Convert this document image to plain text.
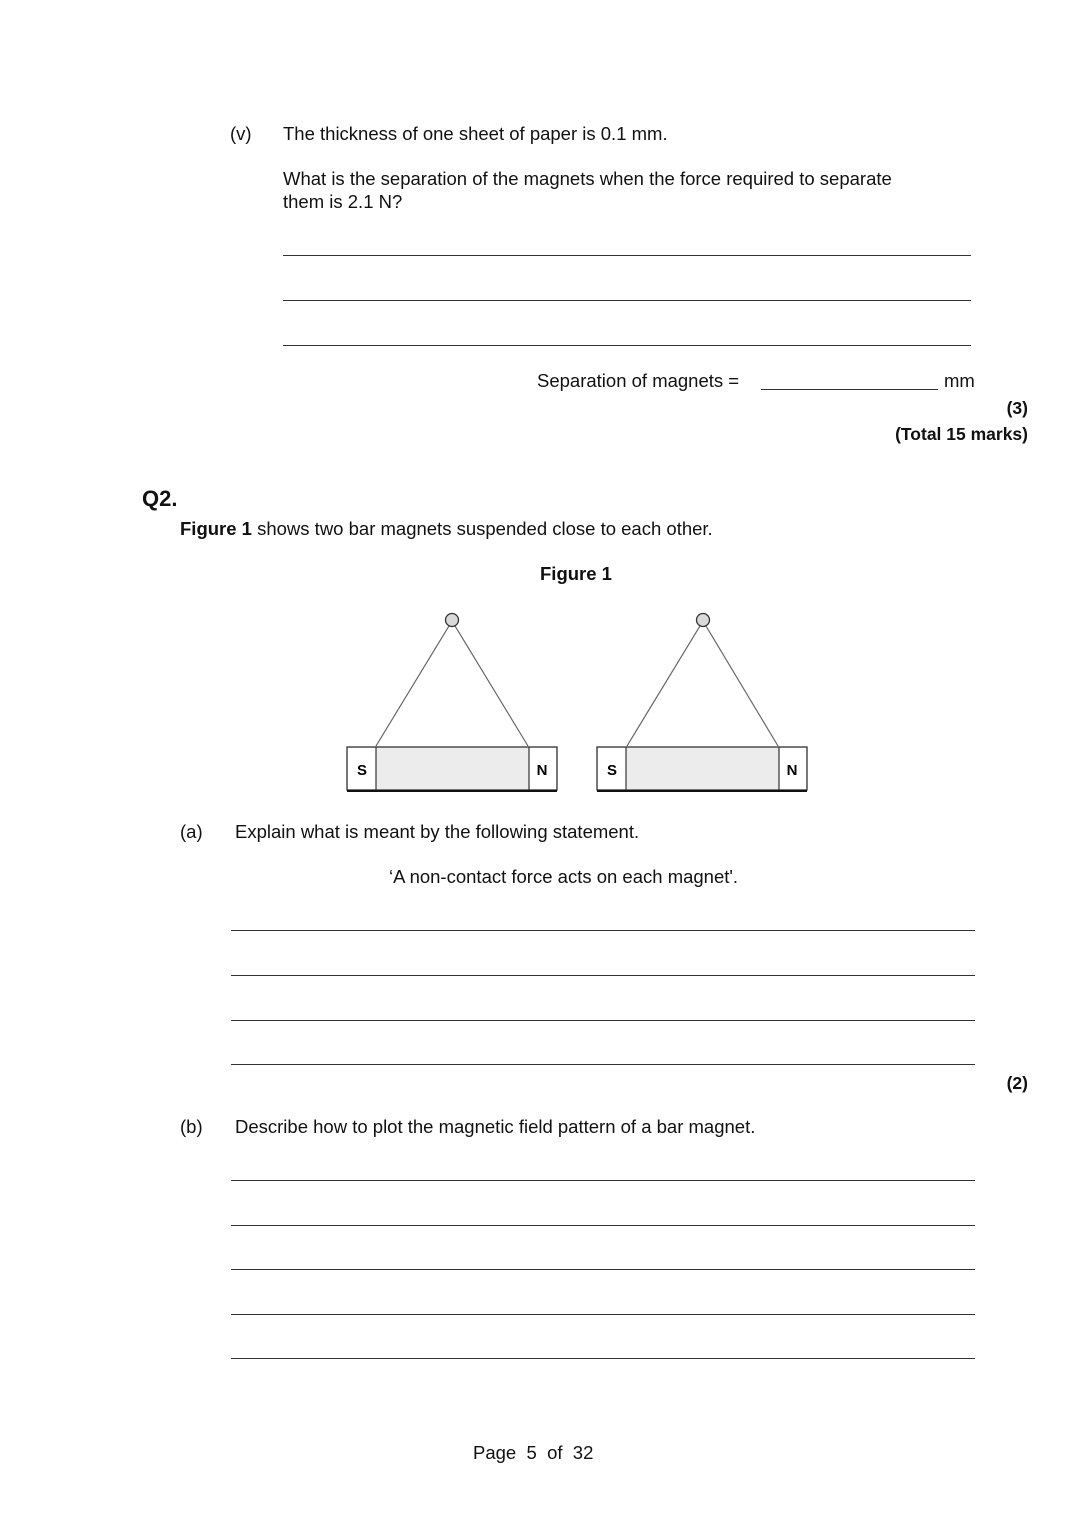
(v) The thickness of one sheet of paper is 0.1 mm.
What is the separation of the magnets when the force required to separate
them is 2.1 N?
Separation of magnets =	mm
(3)
(Total 15 marks)
Q2.
Figure 1 shows two bar magnets suspended close to each other.
Figure 1
S	N	S	N
(a) Explain what is meant by the following statement.
‘A non-contact force acts on each magnet'.
(2)
(b) Describe how to plot the magnetic field pattern of a bar magnet.
Page 5 of 32
